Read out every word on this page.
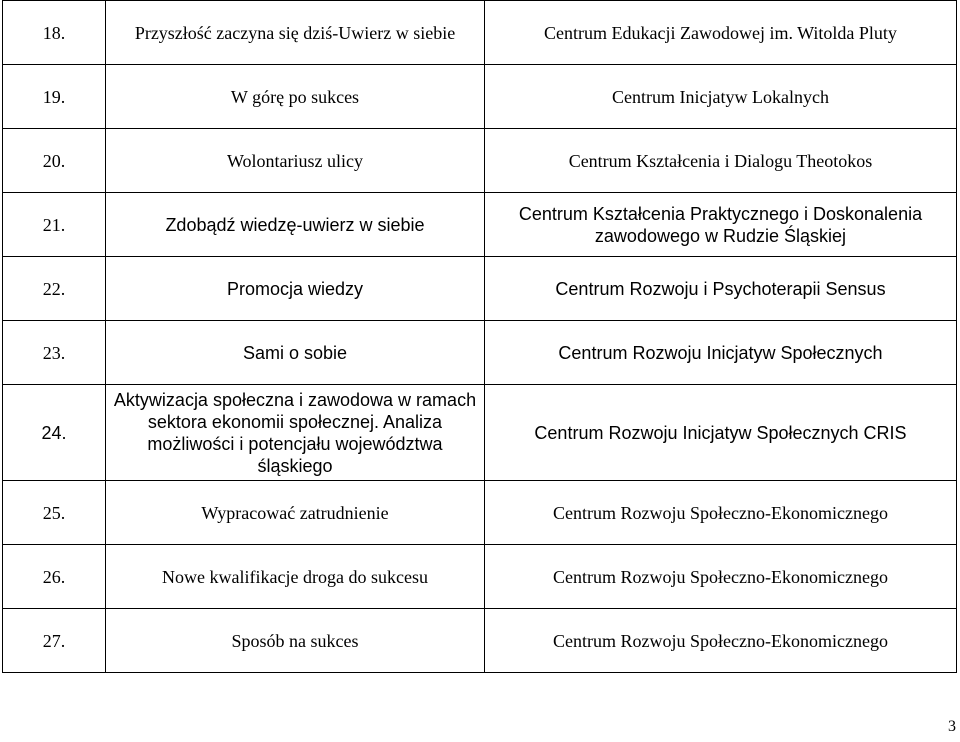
18.	Przyszłość zaczyna się dziś-Uwierz w siebie	Centrum Edukacji Zawodowej im. Witolda Pluty
19.	W górę po sukces	Centrum Inicjatyw Lokalnych
20.	Wolontariusz ulicy	Centrum Kształcenia i Dialogu Theotokos
21.	Zdobądź wiedzę-uwierz w siebie	Centrum Kształcenia Praktycznego i Doskonalenia zawodowego w Rudzie Śląskiej
22.	Promocja wiedzy	Centrum Rozwoju i Psychoterapii Sensus
23.	Sami o sobie	Centrum Rozwoju Inicjatyw Społecznych
24.	Aktywizacja społeczna i zawodowa w ramach sektora ekonomii społecznej. Analiza możliwości i potencjału województwa śląskiego	Centrum Rozwoju Inicjatyw Społecznych CRIS
25.	Wypracować zatrudnienie	Centrum Rozwoju Społeczno-Ekonomicznego
26.	Nowe kwalifikacje droga do sukcesu	Centrum Rozwoju Społeczno-Ekonomicznego
27.	Sposób na sukces	Centrum Rozwoju Społeczno-Ekonomicznego
3
